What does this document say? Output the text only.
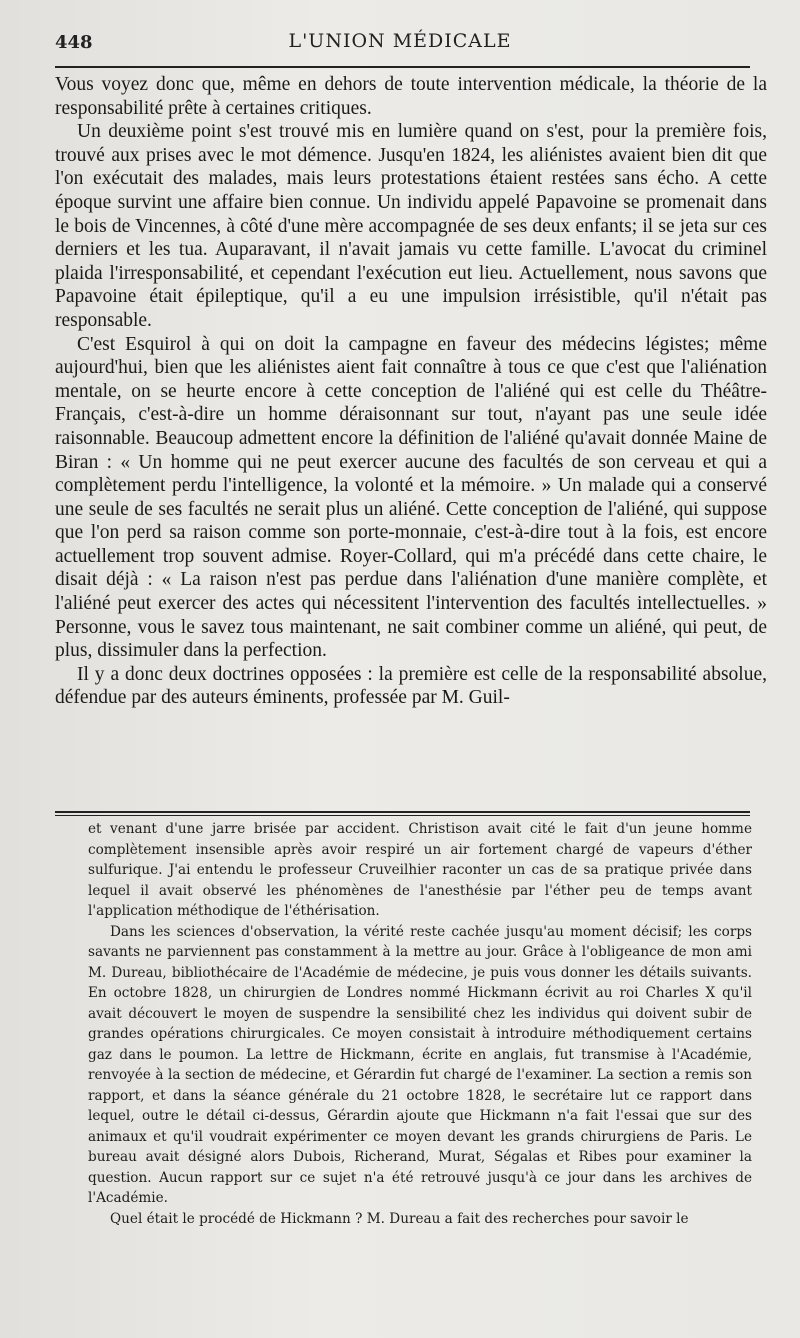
448	L'UNION MÉDICALE

Vous voyez donc que, même en dehors de toute intervention médicale, la théorie de la responsabilité prête à certaines critiques.

Un deuxième point s'est trouvé mis en lumière quand on s'est, pour la première fois, trouvé aux prises avec le mot démence. Jusqu'en 1824, les aliénistes avaient bien dit que l'on exécutait des malades, mais leurs protestations étaient restées sans écho. A cette époque survint une affaire bien connue. Un individu appelé Papavoine se promenait dans le bois de Vincennes, à côté d'une mère accompagnée de ses deux enfants; il se jeta sur ces derniers et les tua. Auparavant, il n'avait jamais vu cette famille. L'avocat du criminel plaida l'irresponsabilité, et cependant l'exécution eut lieu. Actuellement, nous savons que Papavoine était épileptique, qu'il a eu une impulsion irrésistible, qu'il n'était pas responsable.

C'est Esquirol à qui on doit la campagne en faveur des médecins légistes; même aujourd'hui, bien que les aliénistes aient fait connaître à tous ce que c'est que l'aliénation mentale, on se heurte encore à cette conception de l'aliéné qui est celle du Théâtre-Français, c'est-à-dire un homme déraisonnant sur tout, n'ayant pas une seule idée raisonnable. Beaucoup admettent encore la définition de l'aliéné qu'avait donnée Maine de Biran : « Un homme qui ne peut exercer aucune des facultés de son cerveau et qui a complètement perdu l'intelligence, la volonté et la mémoire. » Un malade qui a conservé une seule de ses facultés ne serait plus un aliéné. Cette conception de l'aliéné, qui suppose que l'on perd sa raison comme son porte-monnaie, c'est-à-dire tout à la fois, est encore actuellement trop souvent admise. Royer-Collard, qui m'a précédé dans cette chaire, le disait déjà : « La raison n'est pas perdue dans l'aliénation d'une manière complète, et l'aliéné peut exercer des actes qui nécessitent l'intervention des facultés intellectuelles. » Personne, vous le savez tous maintenant, ne sait combiner comme un aliéné, qui peut, de plus, dissimuler dans la perfection.

Il y a donc deux doctrines opposées : la première est celle de la responsabilité absolue, défendue par des auteurs éminents, professée par M. Guil-

et venant d'une jarre brisée par accident. Christison avait cité le fait d'un jeune homme complètement insensible après avoir respiré un air fortement chargé de vapeurs d'éther sulfurique. J'ai entendu le professeur Cruveilhier raconter un cas de sa pratique privée dans lequel il avait observé les phénomènes de l'anesthésie par l'éther peu de temps avant l'application méthodique de l'éthérisation.

Dans les sciences d'observation, la vérité reste cachée jusqu'au moment décisif; les corps savants ne parviennent pas constamment à la mettre au jour. Grâce à l'obligeance de mon ami M. Dureau, bibliothécaire de l'Académie de médecine, je puis vous donner les détails suivants. En octobre 1828, un chirurgien de Londres nommé Hickmann écrivit au roi Charles X qu'il avait découvert le moyen de suspendre la sensibilité chez les individus qui doivent subir de grandes opérations chirurgicales. Ce moyen consistait à introduire méthodiquement certains gaz dans le poumon. La lettre de Hickmann, écrite en anglais, fut transmise à l'Académie, renvoyée à la section de médecine, et Gérardin fut chargé de l'examiner. La section a remis son rapport, et dans la séance générale du 21 octobre 1828, le secrétaire lut ce rapport dans lequel, outre le détail ci-dessus, Gérardin ajoute que Hickmann n'a fait l'essai que sur des animaux et qu'il voudrait expérimenter ce moyen devant les grands chirurgiens de Paris. Le bureau avait désigné alors Dubois, Richerand, Murat, Ségalas et Ribes pour examiner la question. Aucun rapport sur ce sujet n'a été retrouvé jusqu'à ce jour dans les archives de l'Académie.

Quel était le procédé de Hickmann ? M. Dureau a fait des recherches pour savoir le
